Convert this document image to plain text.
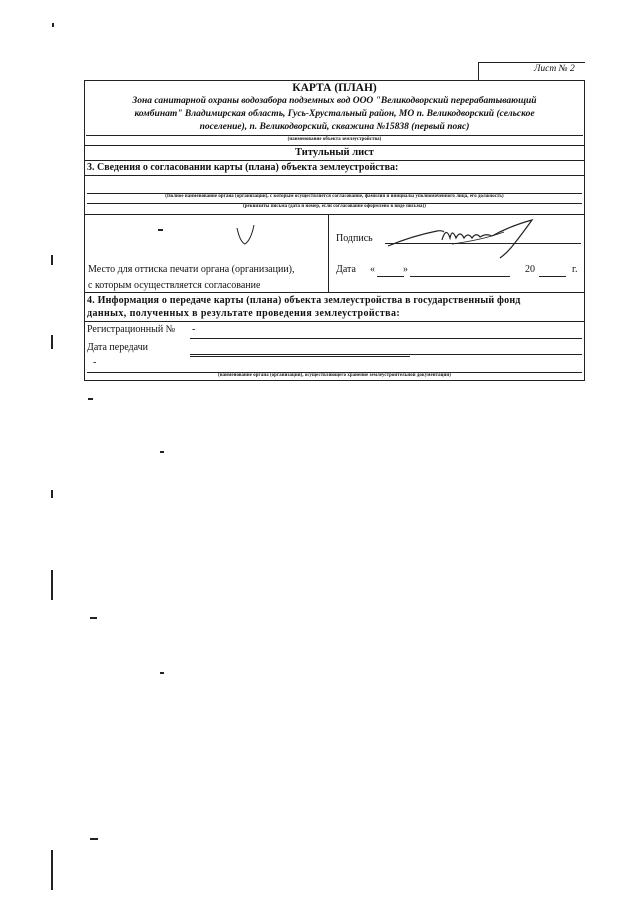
Лист № 2
КАРТА (ПЛАН)
Зона санитарной охраны водозабора подземных вод ООО "Великодворский перерабатывающий
комбинат" Владимирская область, Гусь-Хрустальный район, МО п. Великодворский (сельское
поселение), п. Великодворский, скважина №15838 (первый пояс)
(наименование объекта землеустройства)
Титульный лист
3. Сведения о согласовании карты (плана) объекта землеустройства:
(Полное наименование органа (организации), с которым осуществляется согласование, фамилия и инициалы уполномоченного лица, его должность)
(реквизиты письма (дата и номер, если согласование оформлено в виде письма))
Место для оттиска печати органа (организации),
с которым осуществляется согласование
Подпись
Дата «	»	20	г.
4. Информация о передаче карты (плана) объекта землеустройства в государственный фонд
данных, полученных в результате проведения землеустройства:
Регистрационный № -
Дата передачи
-
(наименование органа (организации), осуществляющего хранение землеустроительной документации)
